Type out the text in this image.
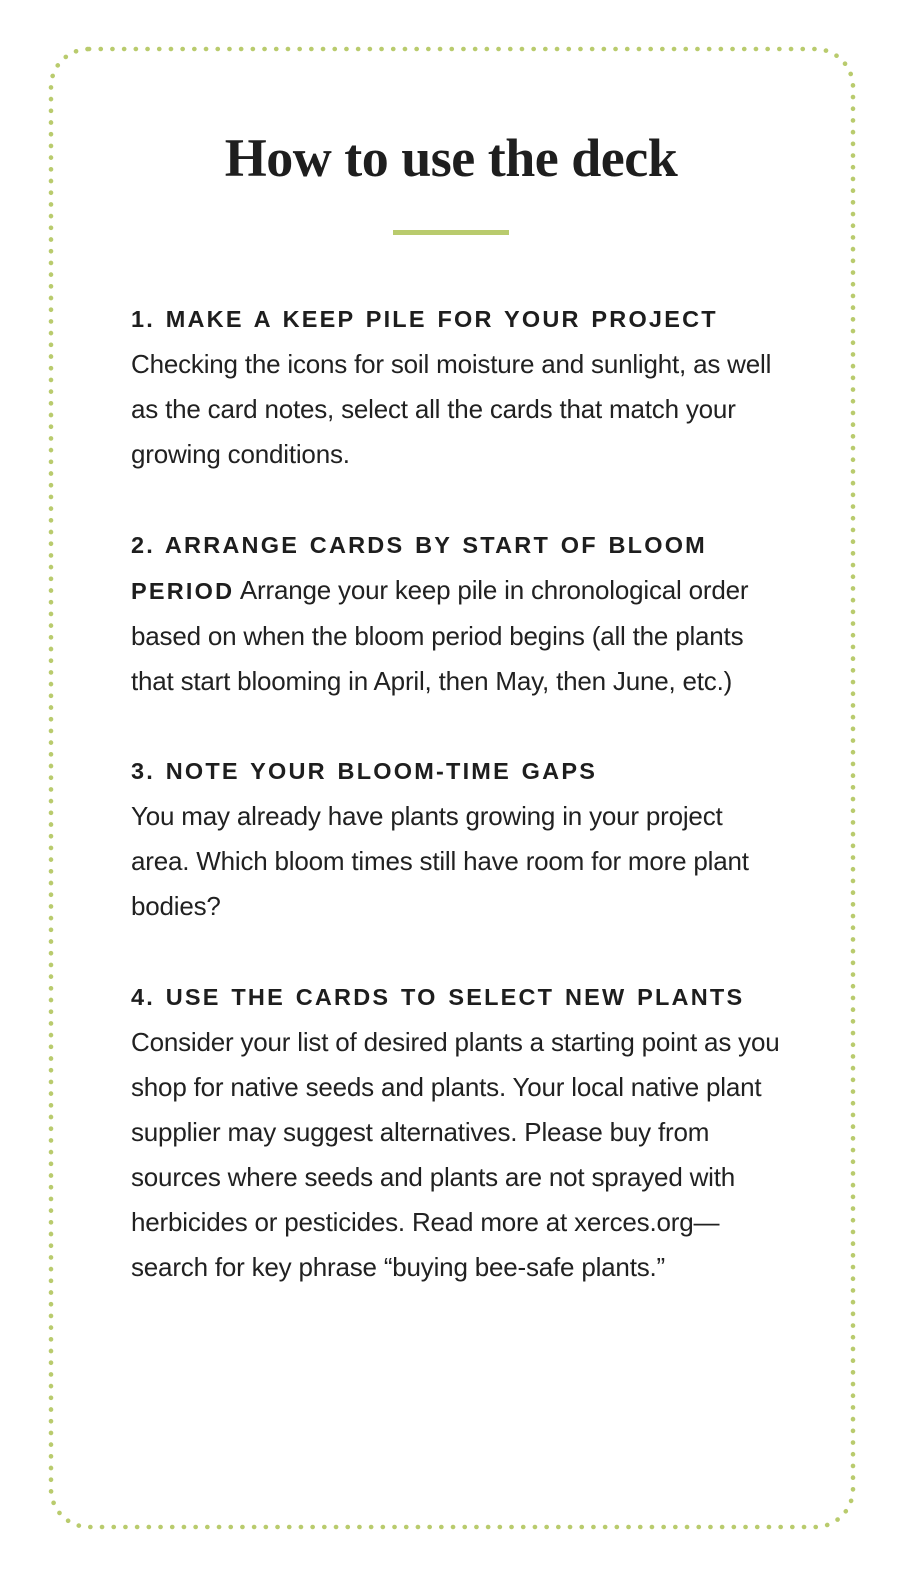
How to use the deck

1. MAKE A KEEP PILE FOR YOUR PROJECT
Checking the icons for soil moisture and sunlight, as well as the card notes, select all the cards that match your growing conditions.

2. ARRANGE CARDS BY START OF BLOOM PERIOD Arrange your keep pile in chronological order based on when the bloom period begins (all the plants that start blooming in April, then May, then June, etc.)

3. NOTE YOUR BLOOM-TIME GAPS
You may already have plants growing in your project area. Which bloom times still have room for more plant bodies?

4. USE THE CARDS TO SELECT NEW PLANTS Consider your list of desired plants a starting point as you shop for native seeds and plants. Your local native plant supplier may suggest alternatives. Please buy from sources where seeds and plants are not sprayed with herbicides or pesticides. Read more at xerces.org—search for key phrase “buying bee-safe plants.”
